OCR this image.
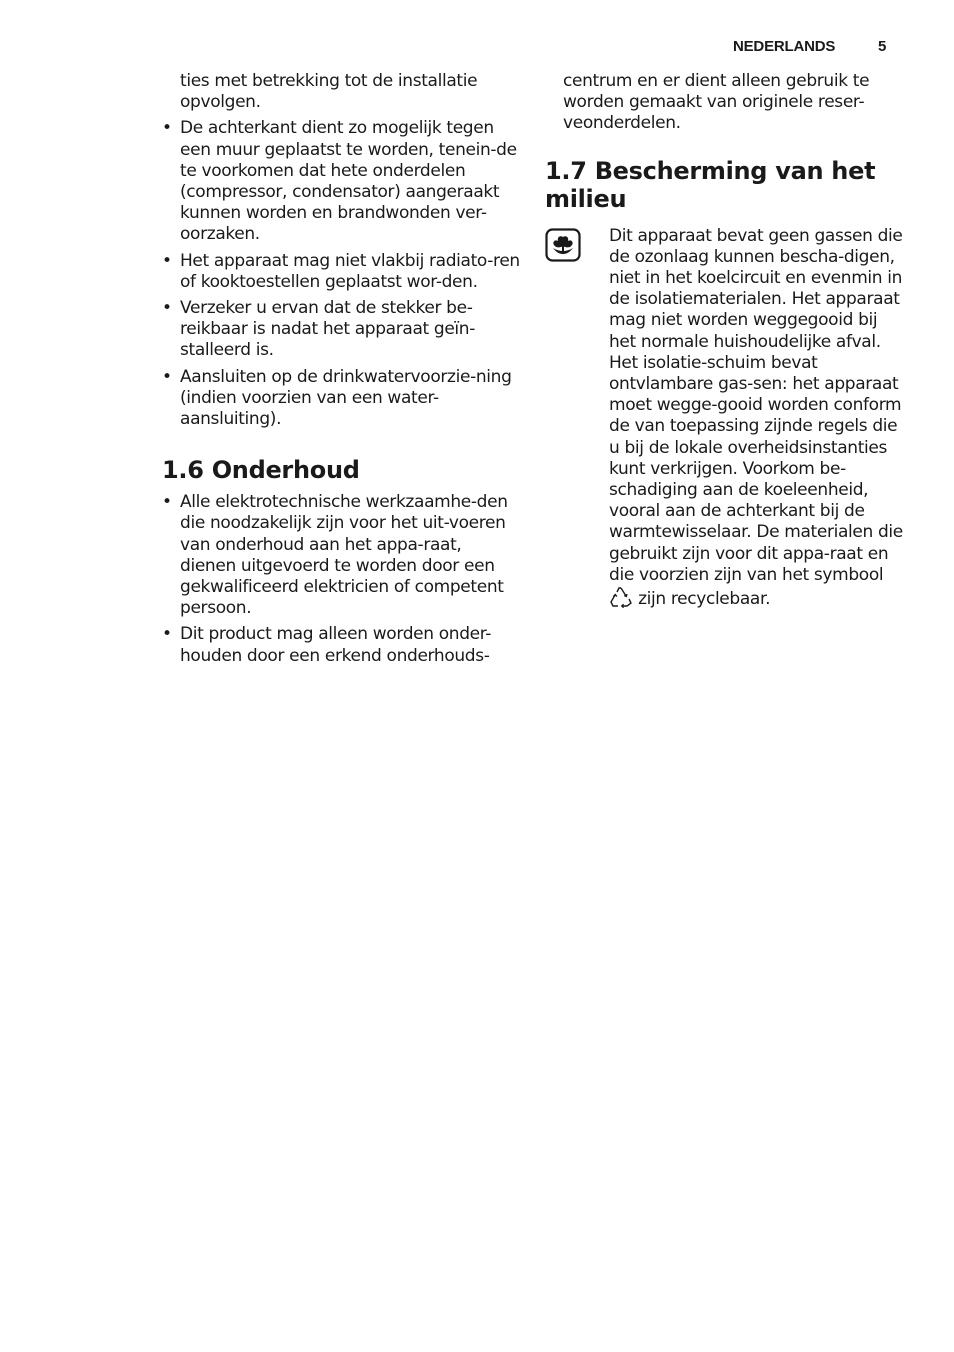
NEDERLANDS	5

ties met betrekking tot de installatie opvolgen.

• De achterkant dient zo mogelijk tegen een muur geplaatst te worden, tenein-de te voorkomen dat hete onderdelen (compressor, condensator) aangeraakt kunnen worden en brandwonden ver-oorzaken.
• Het apparaat mag niet vlakbij radiato-ren of kooktoestellen geplaatst wor-den.
• Verzeker u ervan dat de stekker be-reikbaar is nadat het apparaat geïn-stalleerd is.
• Aansluiten op de drinkwatervoorzie-ning (indien voorzien van een water-aansluiting).
1.6 Onderhoud
• Alle elektrotechnische werkzaamhe-den die noodzakelijk zijn voor het uit-voeren van onderhoud aan het appa-raat, dienen uitgevoerd te worden door een gekwalificeerd elektricien of competent persoon.
• Dit product mag alleen worden onder-houden door een erkend onderhouds-

centrum en er dient alleen gebruik te worden gemaakt van originele reser-veonderdelen.

1.7 Bescherming van het milieu
Dit apparaat bevat geen gassen die de ozonlaag kunnen bescha-digen, niet in het koelcircuit en evenmin in de isolatiematerialen. Het apparaat mag niet worden weggegooid bij het normale huishoudelijke afval. Het isolatie-schuim bevat ontvlambare gas-sen: het apparaat moet wegge-gooid worden conform de van toepassing zijnde regels die u bij de lokale overheidsinstanties kunt verkrijgen. Voorkom be-schadiging aan de koeleenheid, vooral aan de achterkant bij de warmtewisselaar. De materialen die gebruikt zijn voor dit appa-raat en die voorzien zijn van het symbool  zijn recyclebaar.
